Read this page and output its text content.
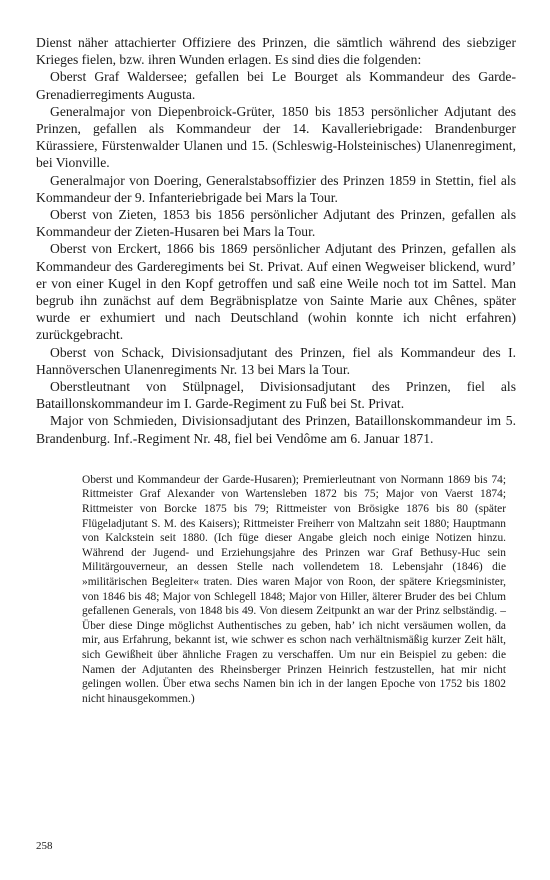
Dienst näher attachierter Offiziere des Prinzen, die sämtlich während des siebziger Krieges fielen, bzw. ihren Wunden erlagen. Es sind dies die folgenden:

Oberst Graf Waldersee; gefallen bei Le Bourget als Kommandeur des Garde-Grenadierregiments Augusta.

Generalmajor von Diepenbroick-Grüter, 1850 bis 1853 persönlicher Adjutant des Prinzen, gefallen als Kommandeur der 14. Kavalleriebrigade: Brandenburger Kürassiere, Fürstenwalder Ulanen und 15. (Schleswig-Holsteinisches) Ulanenregiment, bei Vionville.

Generalmajor von Doering, Generalstabsoffizier des Prinzen 1859 in Stettin, fiel als Kommandeur der 9. Infanteriebrigade bei Mars la Tour.

Oberst von Zieten, 1853 bis 1856 persönlicher Adjutant des Prinzen, gefallen als Kommandeur der Zieten-Husaren bei Mars la Tour.

Oberst von Erckert, 1866 bis 1869 persönlicher Adjutant des Prinzen, gefallen als Kommandeur des Garderegiments bei St. Privat. Auf einen Wegweiser blickend, wurd’ er von einer Kugel in den Kopf getroffen und saß eine Weile noch tot im Sattel. Man begrub ihn zunächst auf dem Begräbnisplatze von Sainte Marie aux Chênes, später wurde er exhumiert und nach Deutschland (wohin konnte ich nicht erfahren) zurückgebracht.

Oberst von Schack, Divisionsadjutant des Prinzen, fiel als Kommandeur des I. Hannöverschen Ulanenregiments Nr. 13 bei Mars la Tour.

Oberstleutnant von Stülpnagel, Divisionsadjutant des Prinzen, fiel als Bataillonskommandeur im I. Garde-Regiment zu Fuß bei St. Privat.

Major von Schmieden, Divisionsadjutant des Prinzen, Bataillonskommandeur im 5. Brandenburg. Inf.-Regiment Nr. 48, fiel bei Vendôme am 6. Januar 1871.

Oberst und Kommandeur der Garde-Husaren); Premierleutnant von Normann 1869 bis 74; Rittmeister Graf Alexander von Wartensleben 1872 bis 75; Major von Vaerst 1874; Rittmeister von Borcke 1875 bis 79; Rittmeister von Brösigke 1876 bis 80 (später Flügeladjutant S. M. des Kaisers); Rittmeister Freiherr von Maltzahn seit 1880; Hauptmann von Kalckstein seit 1880. (Ich füge dieser Angabe gleich noch einige Notizen hinzu. Während der Jugend- und Erziehungsjahre des Prinzen war Graf Bethusy-Huc sein Militärgouverneur, an dessen Stelle nach vollendetem 18. Lebensjahr (1846) die »militärischen Begleiter« traten. Dies waren Major von Roon, der spätere Kriegsminister, von 1846 bis 48; Major von Schlegell 1848; Major von Hiller, älterer Bruder des bei Chlum gefallenen Generals, von 1848 bis 49. Von diesem Zeitpunkt an war der Prinz selbständig. – Über diese Dinge möglichst Authentisches zu geben, hab’ ich nicht versäumen wollen, da mir, aus Erfahrung, bekannt ist, wie schwer es schon nach verhältnismäßig kurzer Zeit hält, sich Gewißheit über ähnliche Fragen zu verschaffen. Um nur ein Beispiel zu geben: die Namen der Adjutanten des Rheinsberger Prinzen Heinrich festzustellen, hat mir nicht gelingen wollen. Über etwa sechs Namen bin ich in der langen Epoche von 1752 bis 1802 nicht hinausgekommen.)
258
